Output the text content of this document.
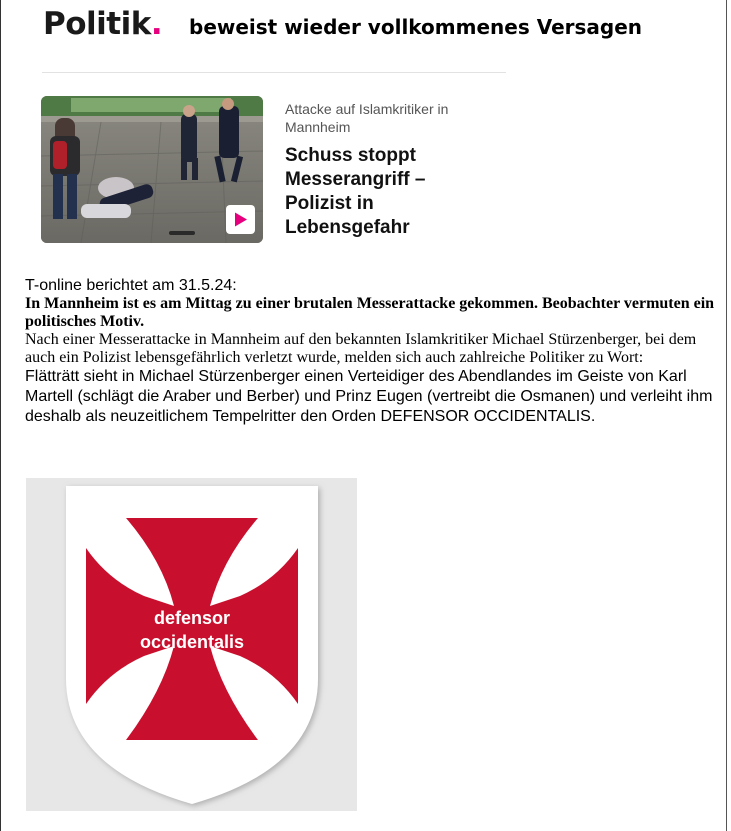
Politik. beweist wieder vollkommenes Versagen
Attacke auf Islamkritiker in Mannheim
Schuss stoppt Messerangriff – Polizist in Lebensgefahr
T-online berichtet am 31.5.24:

In Mannheim ist es am Mittag zu einer brutalen Messerattacke gekommen. Beobachter vermuten ein politisches Motiv.

Nach einer Messerattacke in Mannheim auf den bekannten Islamkritiker Michael Stürzenberger, bei dem auch ein Polizist lebensgefährlich verletzt wurde, melden sich auch zahlreiche Politiker zu Wort:

Flätträtt sieht in Michael Stürzenberger einen Verteidiger des Abendlandes im Geiste von Karl Martell (schlägt die Araber und Berber) und Prinz Eugen (vertreibt die Osmanen) und verleiht ihm deshalb als neuzeitlichem Tempelritter den Orden DEFENSOR OCCIDENTALIS.

defensor
occidentalis
